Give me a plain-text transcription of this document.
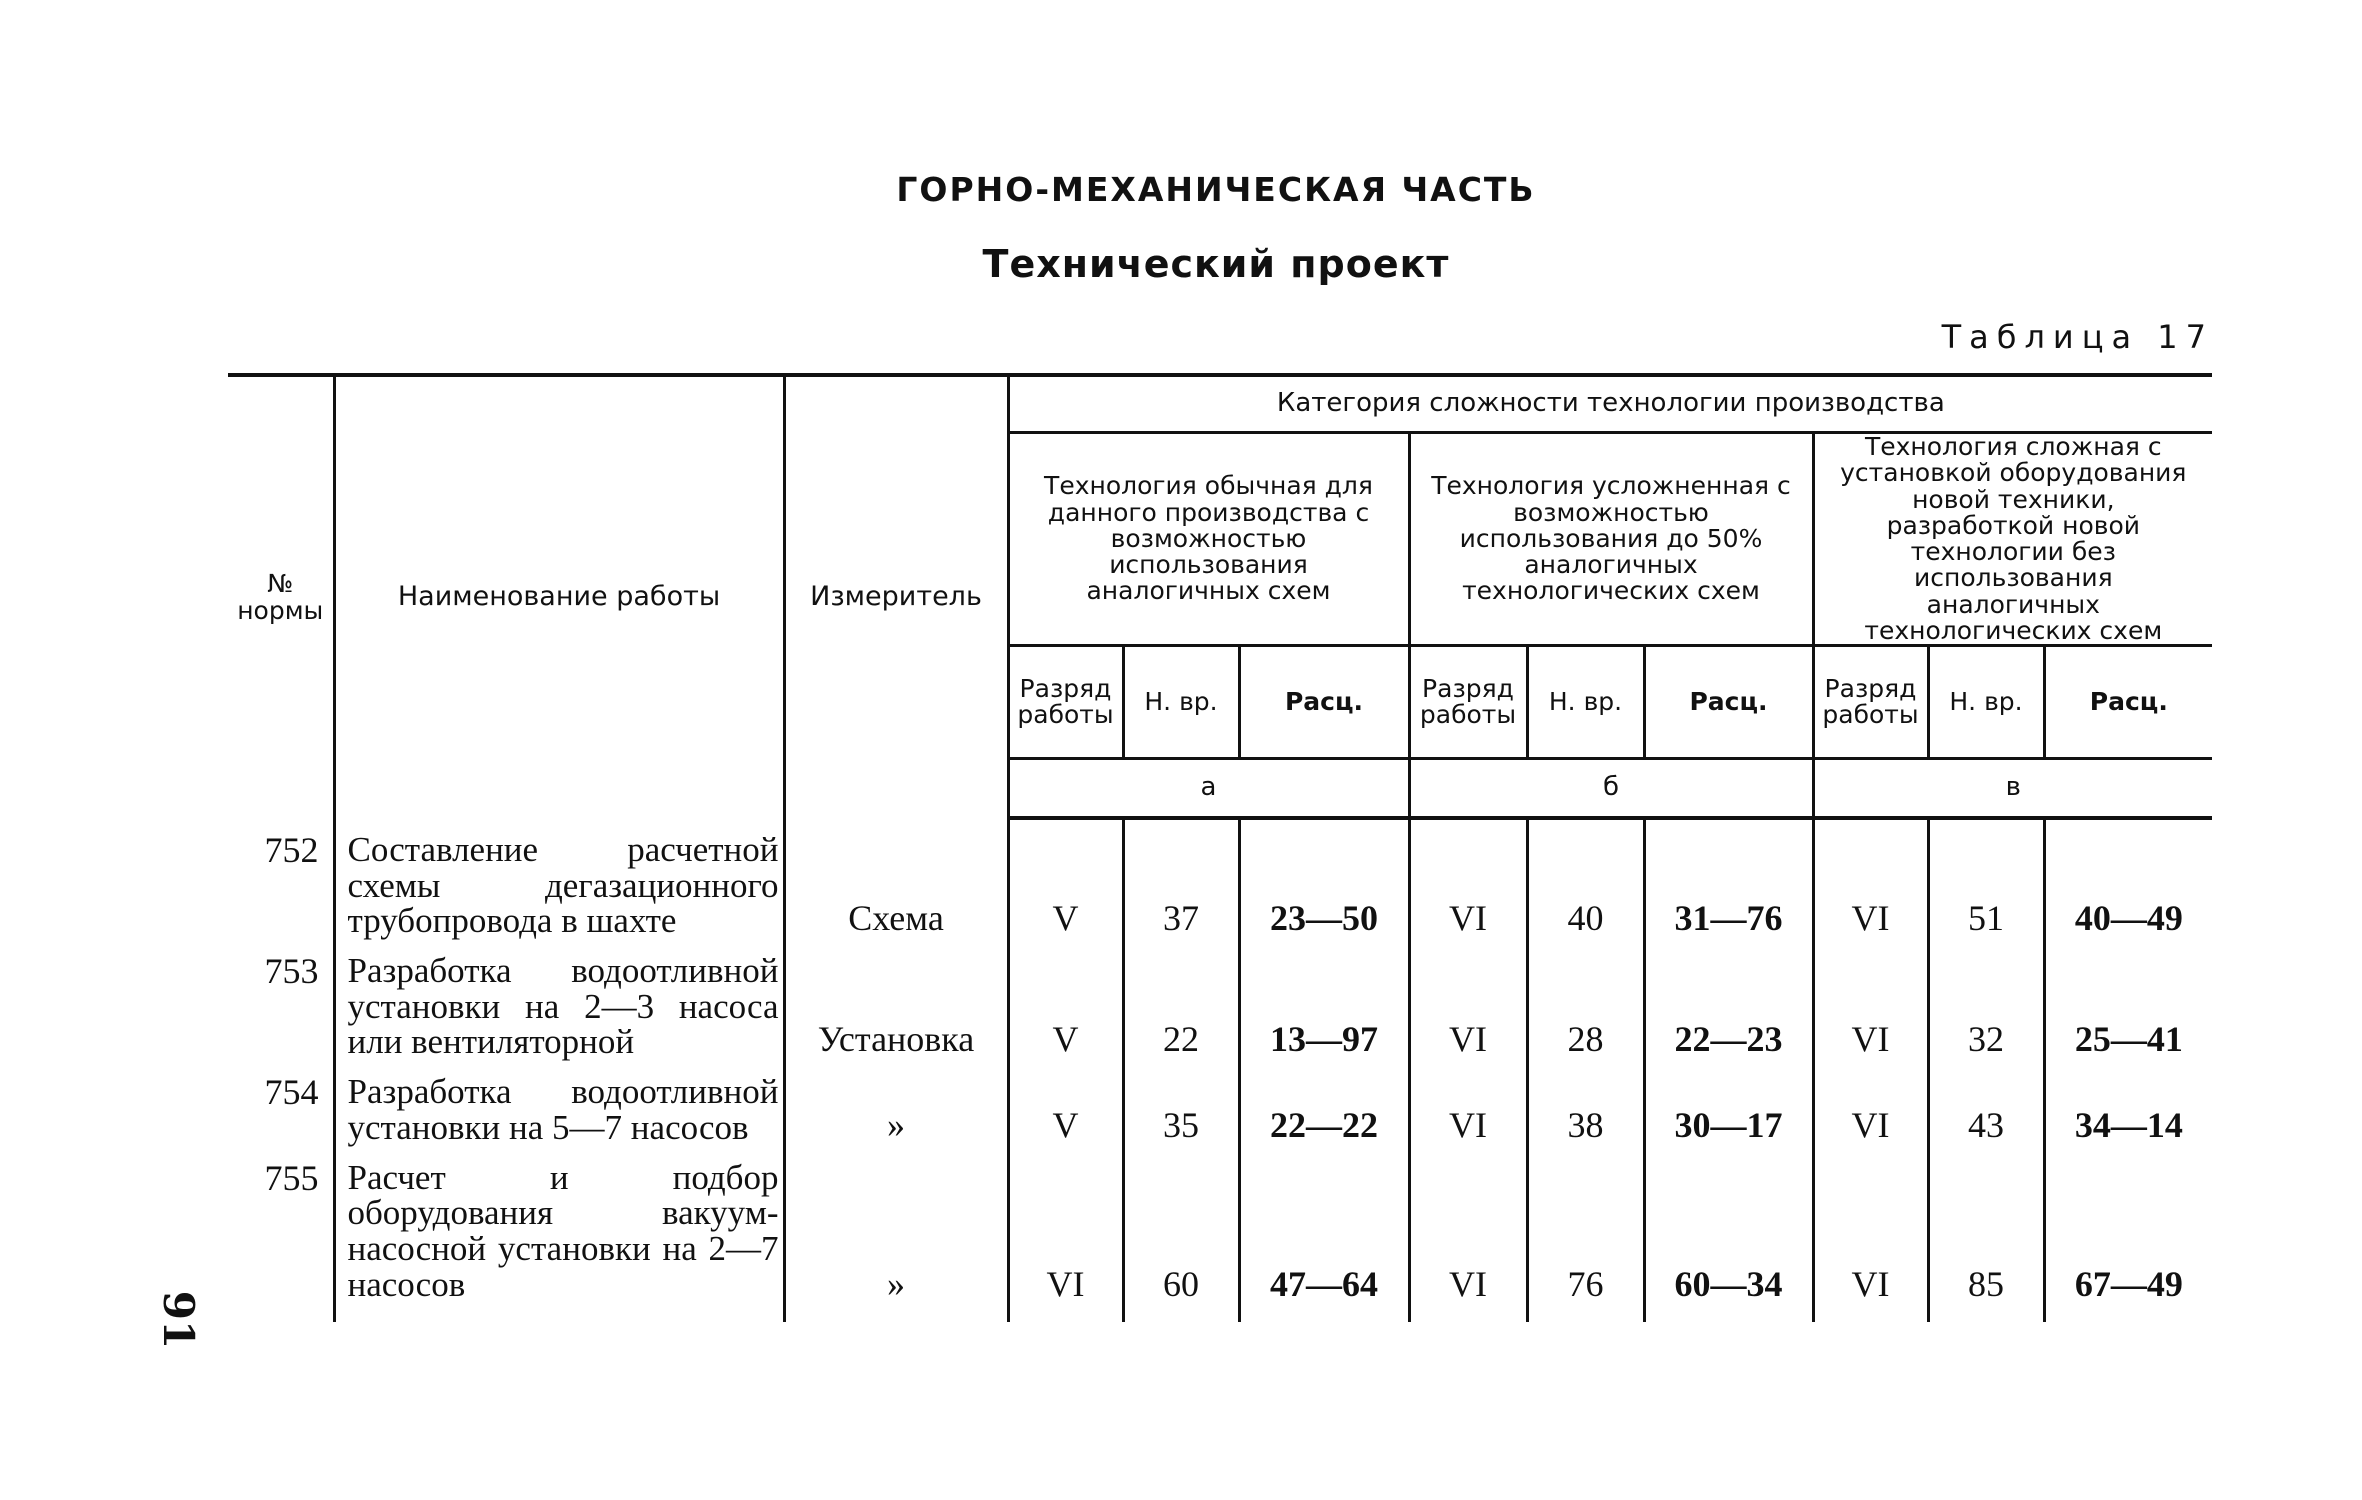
ГОРНО-МЕХАНИЧЕСКАЯ ЧАСТЬ
Технический проект
Таблица 17
91
№
нормы	Наименование работы	Измеритель	Категория сложности технологии производства								
			Технология обычная для данного производства с возможностью использования аналогичных схем			Технология усложненная с возможностью использования до 50% аналогичных технологических схем			Технология сложная с установкой оборудования новой техники, разработкой новой технологии без использования аналогичных технологических схем		
			Разряд работы	Н. вр.	Расц.	Разряд работы	Н. вр.	Расц.	Разряд работы	Н. вр.	Расц.
			а			б			в		
752	Составление расчетной схемы дегазационного трубопровода в шахте	Схема	V	37	23—50	VI	40	31—76	VI	51	40—49
753	Разработка водоотливной установки на 2—3 насоса или вентиляторной	Установка	V	22	13—97	VI	28	22—23	VI	32	25—41
754	Разработка водоотливной установки на 5—7 насосов	»	V	35	22—22	VI	38	30—17	VI	43	34—14
755	Расчет и подбор оборудования вакуум-насосной установки на 2—7 насосов	»	VI	60	47—64	VI	76	60—34	VI	85	67—49
